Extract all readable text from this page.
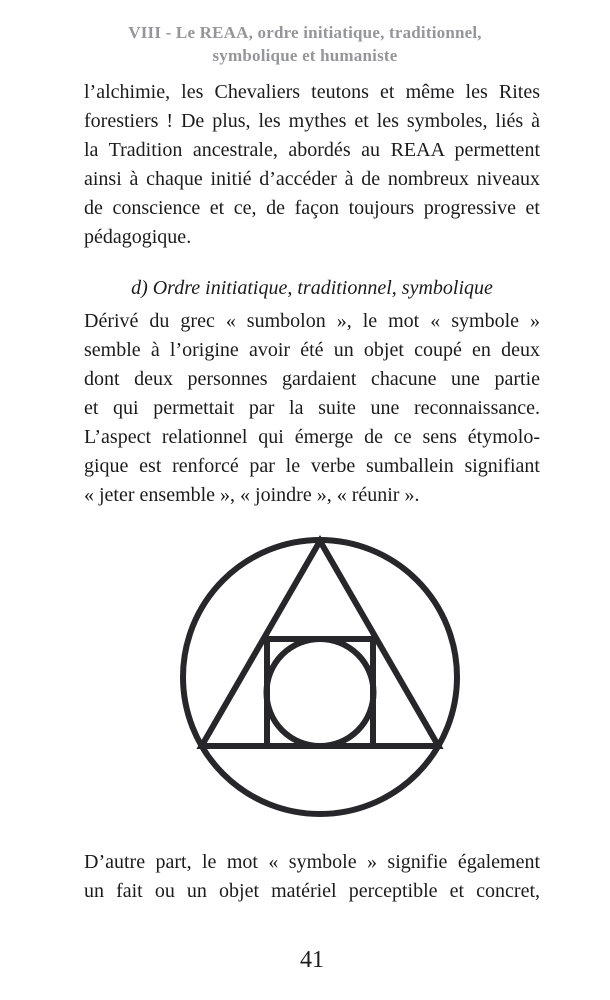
VIII - Le REAA, ordre initiatique, traditionnel,
symbolique et humaniste
l’alchimie, les Chevaliers teutons et même les Rites
forestiers ! De plus, les mythes et les symboles, liés à
la Tradition ancestrale, abordés au REAA permettent
ainsi à chaque initié d’accéder à de nombreux niveaux
de conscience et ce, de façon toujours progressive et
pédagogique.
d) Ordre initiatique, traditionnel, symbolique
Dérivé du grec « sumbolon », le mot « symbole »
semble à l’origine avoir été un objet coupé en deux
dont deux personnes gardaient chacune une partie
et qui permettait par la suite une reconnaissance.
L’aspect relationnel qui émerge de ce sens étymolo-
gique est renforcé par le verbe sumballein signifiant
« jeter ensemble », « joindre », « réunir ».
D’autre part, le mot « symbole » signifie également
un fait ou un objet matériel perceptible et concret,
41
